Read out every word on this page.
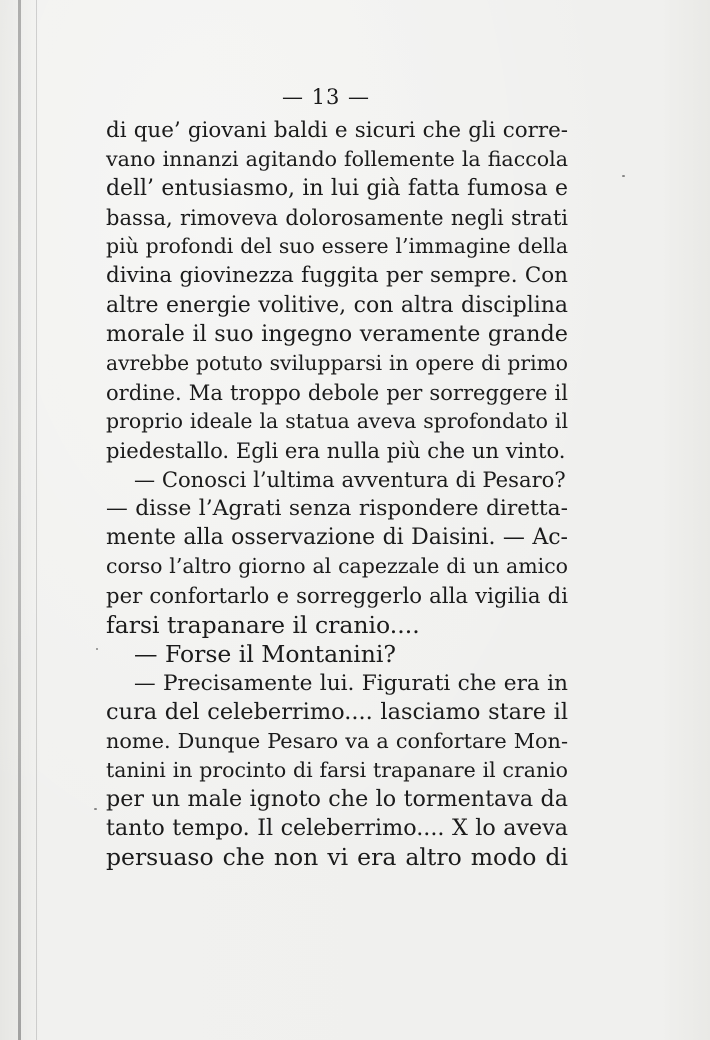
— 13 —
di que’ giovani baldi e sicuri che gli corre-
vano innanzi agitando follemente la fiaccola
dell’ entusiasmo, in lui già fatta fumosa e
bassa, rimoveva dolorosamente negli strati
più profondi del suo essere l’immagine della
divina giovinezza fuggita per sempre. Con
altre energie volitive, con altra disciplina
morale il suo ingegno veramente grande
avrebbe potuto svilupparsi in opere di primo
ordine. Ma troppo debole per sorreggere il
proprio ideale la statua aveva sprofondato il
piedestallo. Egli era nulla più che un vinto.
— Conosci l’ultima avventura di Pesaro?
— disse l’Agrati senza rispondere diretta-
mente alla osservazione di Daisini. — Ac-
corso l’altro giorno al capezzale di un amico
per confortarlo e sorreggerlo alla vigilia di
farsi trapanare il cranio....
— Forse il Montanini?
— Precisamente lui. Figurati che era in
cura del celeberrimo.... lasciamo stare il
nome. Dunque Pesaro va a confortare Mon-
tanini in procinto di farsi trapanare il cranio
per un male ignoto che lo tormentava da
tanto tempo. Il celeberrimo.... X lo aveva
persuaso che non vi era altro modo di
